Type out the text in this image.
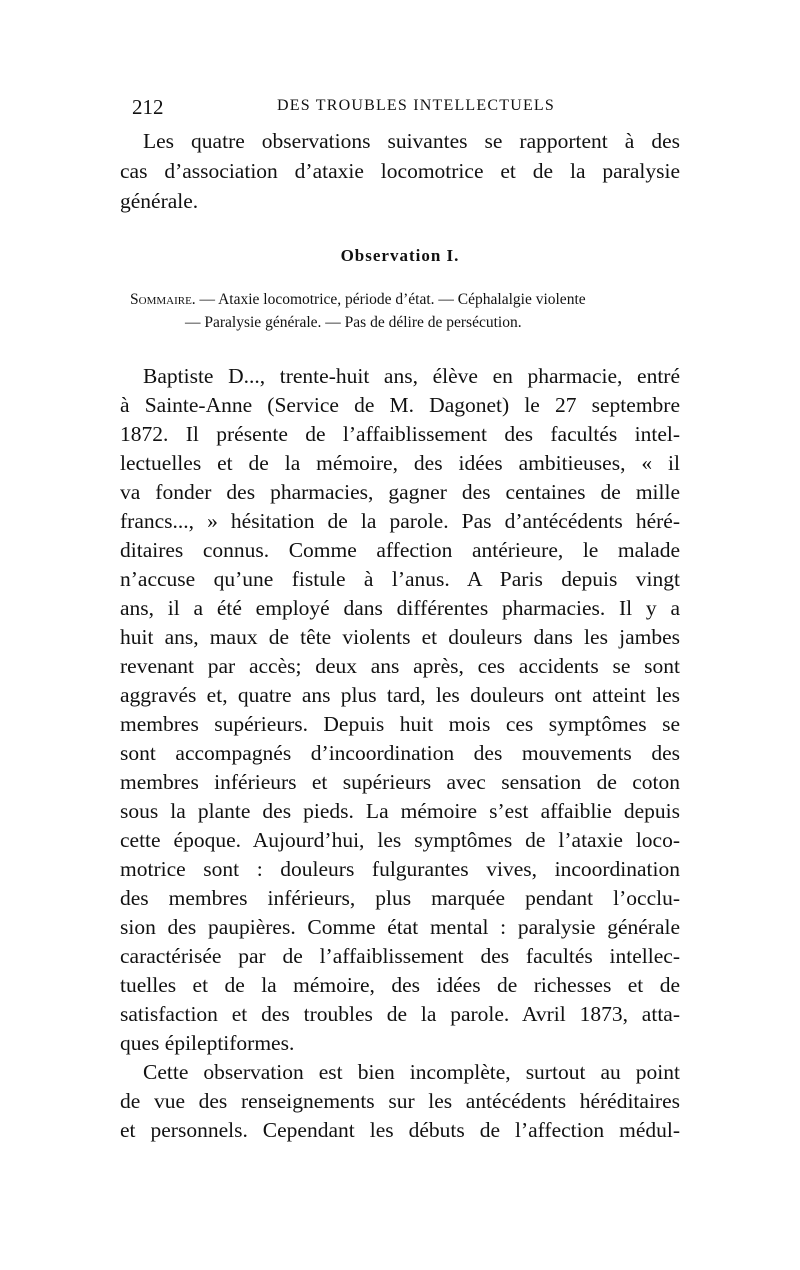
212	DES TROUBLES INTELLECTUELS
Les quatre observations suivantes se rapportent à des
cas d’association d’ataxie locomotrice et de la paralysie
générale.
Observation I.
Sommaire. — Ataxie locomotrice, période d’état. — Céphalalgie violente
— Paralysie générale. — Pas de délire de persécution.
Baptiste D..., trente-huit ans, élève en pharmacie, entré
à Sainte-Anne (Service de M. Dagonet) le 27 septembre
1872. Il présente de l’affaiblissement des facultés intel-
lectuelles et de la mémoire, des idées ambitieuses, « il
va fonder des pharmacies, gagner des centaines de mille
francs..., » hésitation de la parole. Pas d’antécédents héré-
ditaires connus. Comme affection antérieure, le malade
n’accuse qu’une fistule à l’anus. A Paris depuis vingt
ans, il a été employé dans différentes pharmacies. Il y a
huit ans, maux de tête violents et douleurs dans les jambes
revenant par accès; deux ans après, ces accidents se sont
aggravés et, quatre ans plus tard, les douleurs ont atteint les
membres supérieurs. Depuis huit mois ces symptômes se
sont accompagnés d’incoordination des mouvements des
membres inférieurs et supérieurs avec sensation de coton
sous la plante des pieds. La mémoire s’est affaiblie depuis
cette époque. Aujourd’hui, les symptômes de l’ataxie loco-
motrice sont : douleurs fulgurantes vives, incoordination
des membres inférieurs, plus marquée pendant l’occlu-
sion des paupières. Comme état mental : paralysie générale
caractérisée par de l’affaiblissement des facultés intellec-
tuelles et de la mémoire, des idées de richesses et de
satisfaction et des troubles de la parole. Avril 1873, atta-
ques épileptiformes.
Cette observation est bien incomplète, surtout au point
de vue des renseignements sur les antécédents héréditaires
et personnels. Cependant les débuts de l’affection médul-
